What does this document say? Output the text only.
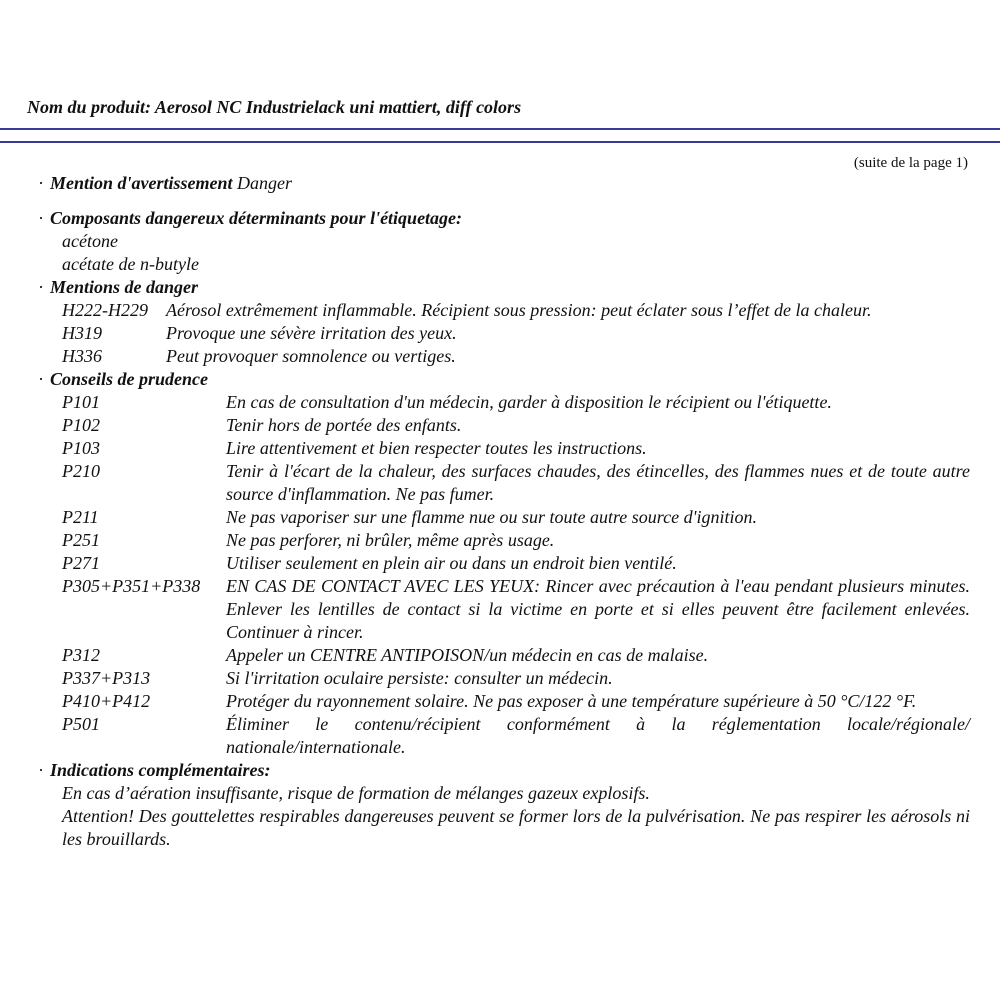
Nom du produit: Aerosol NC Industrielack uni mattiert, diff colors
(suite de la page 1)

· Mention d'avertissement Danger

· Composants dangereux déterminants pour l'étiquetage:

acétone

acétate de n-butyle

· Mentions de danger

H222-H229	Aérosol extrêmement inflammable. Récipient sous pression: peut éclater sous l’effet de la chaleur.
H319	Provoque une sévère irritation des yeux.
H336	Peut provoquer somnolence ou vertiges.

· Conseils de prudence

P101	En cas de consultation d'un médecin, garder à disposition le récipient ou l'étiquette.
P102	Tenir hors de portée des enfants.
P103	Lire attentivement et bien respecter toutes les instructions.
P210	Tenir à l'écart de la chaleur, des surfaces chaudes, des étincelles, des flammes nues et de toute autre source d'inflammation. Ne pas fumer.
P211	Ne pas vaporiser sur une flamme nue ou sur toute autre source d'ignition.
P251	Ne pas perforer, ni brûler, même après usage.
P271	Utiliser seulement en plein air ou dans un endroit bien ventilé.
P305+P351+P338	EN CAS DE CONTACT AVEC LES YEUX: Rincer avec précaution à l'eau pendant plusieurs minutes. Enlever les lentilles de contact si la victime en porte et si elles peuvent être facilement enlevées. Continuer à rincer.
P312	Appeler un CENTRE ANTIPOISON/un médecin en cas de malaise.
P337+P313	Si l'irritation oculaire persiste: consulter un médecin.
P410+P412	Protéger du rayonnement solaire. Ne pas exposer à une température supérieure à 50 °C/122 °F.
P501	Éliminer le contenu/récipient conformément à la réglementation locale/régionale/ nationale/internationale.

· Indications complémentaires:

En cas d’aération insuffisante, risque de formation de mélanges gazeux explosifs.

Attention! Des gouttelettes respirables dangereuses peuvent se former lors de la pulvérisation. Ne pas respirer les aérosols ni les brouillards.
